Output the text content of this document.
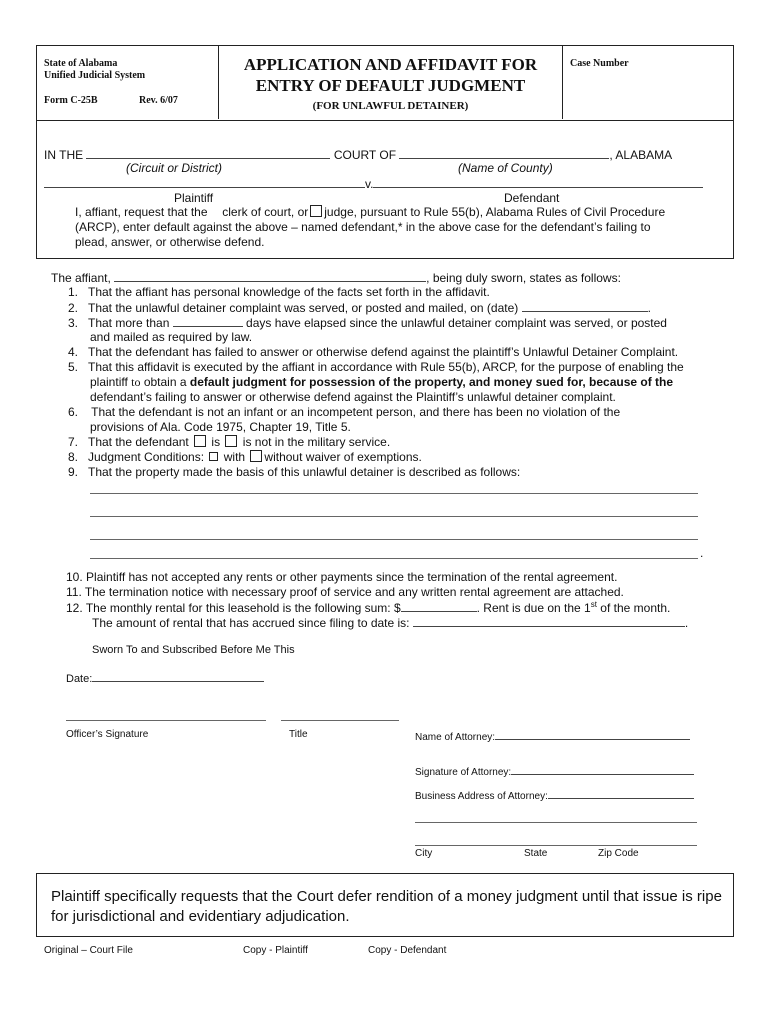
State of Alabama
Unified Judicial System
Form C-25B	Rev. 6/07
APPLICATION AND AFFIDAVIT FOR
ENTRY OF DEFAULT JUDGMENT
(FOR UNLAWFUL DETAINER)
Case Number
IN THE	COURT OF	, ALABAMA
(Circuit or District)	(Name of County)
v.
Plaintiff	Defendant
I, affiant, request that the clerk of court, or judge, pursuant to Rule 55(b), Alabama Rules of Civil Procedure
(ARCP), enter default against the above – named defendant,* in the above case for the defendant’s failing to
plead, answer, or otherwise defend.
The affiant,	, being duly sworn, states as follows:
1. That the affiant has personal knowledge of the facts set forth in the affidavit.
2. That the unlawful detainer complaint was served, or posted and mailed, on (date)	.
3. That more than	days have elapsed since the unlawful detainer complaint was served, or posted
and mailed as required by law.
4. That the defendant has failed to answer or otherwise defend against the plaintiff’s Unlawful Detainer Complaint.
5. That this affidavit is executed by the affiant in accordance with Rule 55(b), ARCP, for the purpose of enabling the
plaintiff to obtain a default judgment for possession of the property, and money sued for, because of the
defendant’s failing to answer or otherwise defend against the Plaintiff’s unlawful detainer complaint.
6. That the defendant is not an infant or an incompetent person, and there has been no violation of the
provisions of Ala. Code 1975, Chapter 19, Title 5.
7. That the defendant  is  is not in the military service.
8. Judgment Conditions:  with without waiver of exemptions.
9. That the property made the basis of this unlawful detainer is described as follows:
.
10. Plaintiff has not accepted any rents or other payments since the termination of the rental agreement.
11. The termination notice with necessary proof of service and any written rental agreement are attached.
12. The monthly rental for this leasehold is the following sum: $	. Rent is due on the 1st of the month.
The amount of rental that has accrued since filing to date is:	.
Sworn To and Subscribed Before Me This
Date:
Officer’s Signature	Title	Name of Attorney:
Signature of Attorney:
Business Address of Attorney:
City	State	Zip Code
Plaintiff specifically requests that the Court defer rendition of a money judgment until that issue is ripe
for jurisdictional and evidentiary adjudication.
Original – Court File	Copy - Plaintiff	Copy - Defendant
